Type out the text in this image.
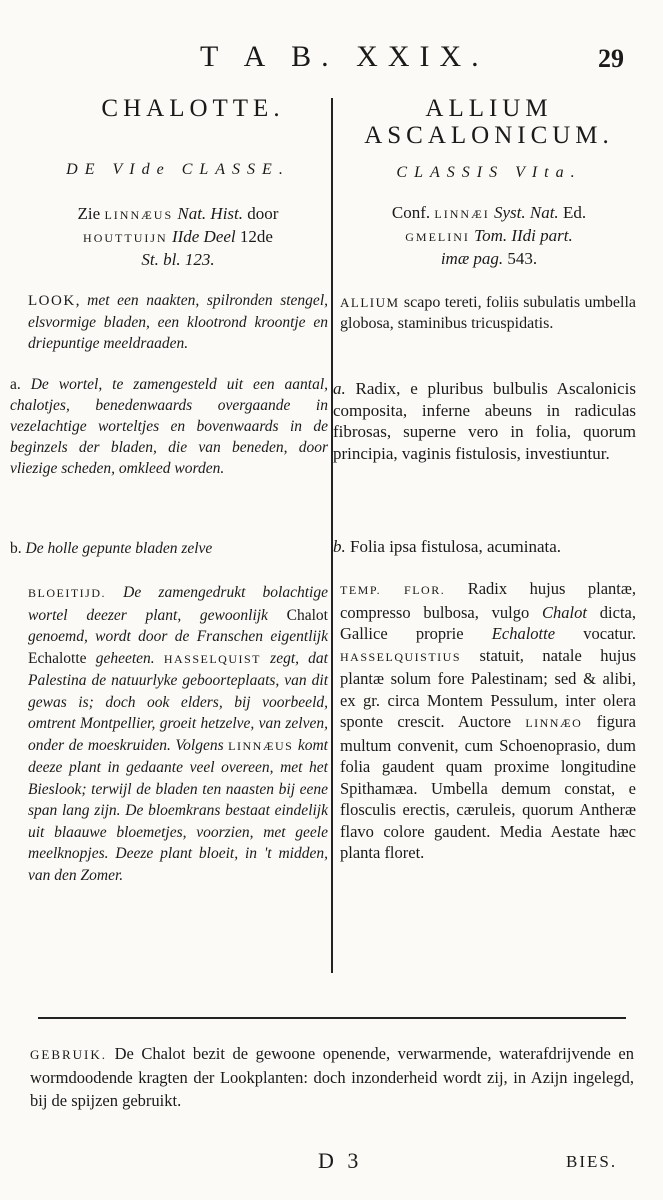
T A B. XXIX.	29
CHALOTTE.
DE VIde CLASSE.
Zie LINNÆUS Nat. Hist. door
HOUTTUIJN IIde Deel 12de
St. bl. 123.

LOOK, met een naakten, spilronden stengel, elsvormige bladen, een klootrond kroontje en driepuntige meeldraaden.

a. De wortel, te zamengesteld uit een aantal, chalotjes, benedenwaards overgaande in vezelachtige worteltjes en bovenwaards in de beginzels der bladen, die van beneden, door vliezige scheden, omkleed worden.

b. De holle gepunte bladen zelve

BLOEITIJD. De zamengedrukt bolachtige wortel deezer plant, gewoonlijk Chalot genoemd, wordt door de Franschen eigentlijk Echalotte geheeten. HASSELQUIST zegt, dat Palestina de natuurlyke geboorteplaats, van dit gewas is; doch ook elders, bij voorbeeld, omtrent Montpellier, groeit hetzelve, van zelven, onder de moeskruiden. Volgens LINNÆUS komt deeze plant in gedaante veel overeen, met het Bieslook; terwijl de bladen ten naasten bij eene span lang zijn. De bloemkrans bestaat eindelijk uit blaauwe bloemetjes, voorzien, met geele meelknopjes. Deeze plant bloeit, in 't midden, van den Zomer.

ALLIUM
ASCALONICUM.
CLASSIS VIta.
Conf. LINNÆI Syst. Nat. Ed.
GMELINI Tom. IIdi part.
imæ pag. 543.

ALLIUM scapo tereti, foliis subulatis umbella globosa, staminibus tricuspidatis.

a. Radix, e pluribus bulbulis Ascalonicis composita, inferne abeuns in radiculas fibrosas, superne vero in folia, quorum principia, vaginis fistulosis, investiuntur.

b. Folia ipsa fistulosa, acuminata.

TEMP. FLOR. Radix hujus plantæ, compresso bulbosa, vulgo Chalot dicta, Gallice proprie Echalotte vocatur. HASSELQUISTIUS statuit, natale hujus plantæ solum fore Palestinam; sed & alibi, ex gr. circa Montem Pessulum, inter olera sponte crescit. Auctore LINNÆO figura multum convenit, cum Schoenoprasio, dum folia gaudent quam proxime longitudine Spithamæa. Umbella demum constat, e flosculis erectis, cæruleis, quorum Antheræ flavo colore gaudent. Media Aestate hæc planta floret.

GEBRUIK. De Chalot bezit de gewoone openende, verwarmende, waterafdrijvende en wormdoodende kragten der Lookplanten: doch inzonderheid wordt zij, in Azijn ingelegd, bij de spijzen gebruikt.
D 3	BIES.
